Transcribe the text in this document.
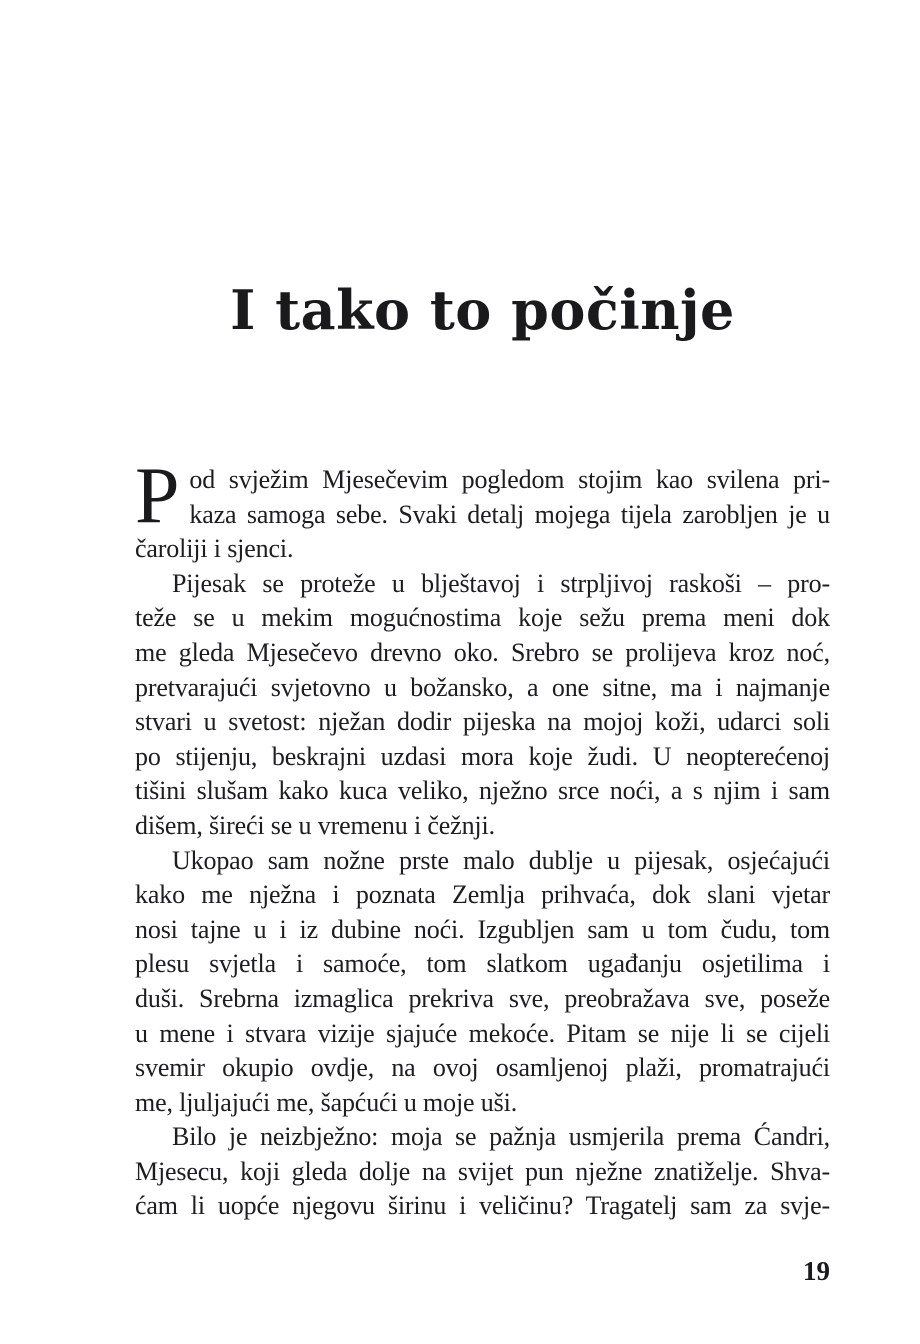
I tako to počinje
P od svježim Mjesečevim pogledom stojim kao svilena pri-
kaza samoga sebe. Svaki detalj mojega tijela zarobljen je u
čaroliji i sjenci.
Pijesak se proteže u blještavoj i strpljivoj raskoši – pro-
teže se u mekim mogućnostima koje sežu prema meni dok
me gleda Mjesečevo drevno oko. Srebro se prolijeva kroz noć,
pretvarajući svjetovno u božansko, a one sitne, ma i najmanje
stvari u svetost: nježan dodir pijeska na mojoj koži, udarci soli
po stijenju, beskrajni uzdasi mora koje žudi. U neopterećenoj
tišini slušam kako kuca veliko, nježno srce noći, a s njim i sam
dišem, šireći se u vremenu i čežnji.
Ukopao sam nožne prste malo dublje u pijesak, osjećajući
kako me nježna i poznata Zemlja prihvaća, dok slani vjetar
nosi tajne u i iz dubine noći. Izgubljen sam u tom čudu, tom
plesu svjetla i samoće, tom slatkom ugađanju osjetilima i
duši. Srebrna izmaglica prekriva sve, preobražava sve, poseže
u mene i stvara vizije sjajuće mekoće. Pitam se nije li se cijeli
svemir okupio ovdje, na ovoj osamljenoj plaži, promatrajući
me, ljuljajući me, šapćući u moje uši.
Bilo je neizbježno: moja se pažnja usmjerila prema Ćandri,
Mjesecu, koji gleda dolje na svijet pun nježne znatiželje. Shva-
ćam li uopće njegovu širinu i veličinu? Tragatelj sam za svje-
19
